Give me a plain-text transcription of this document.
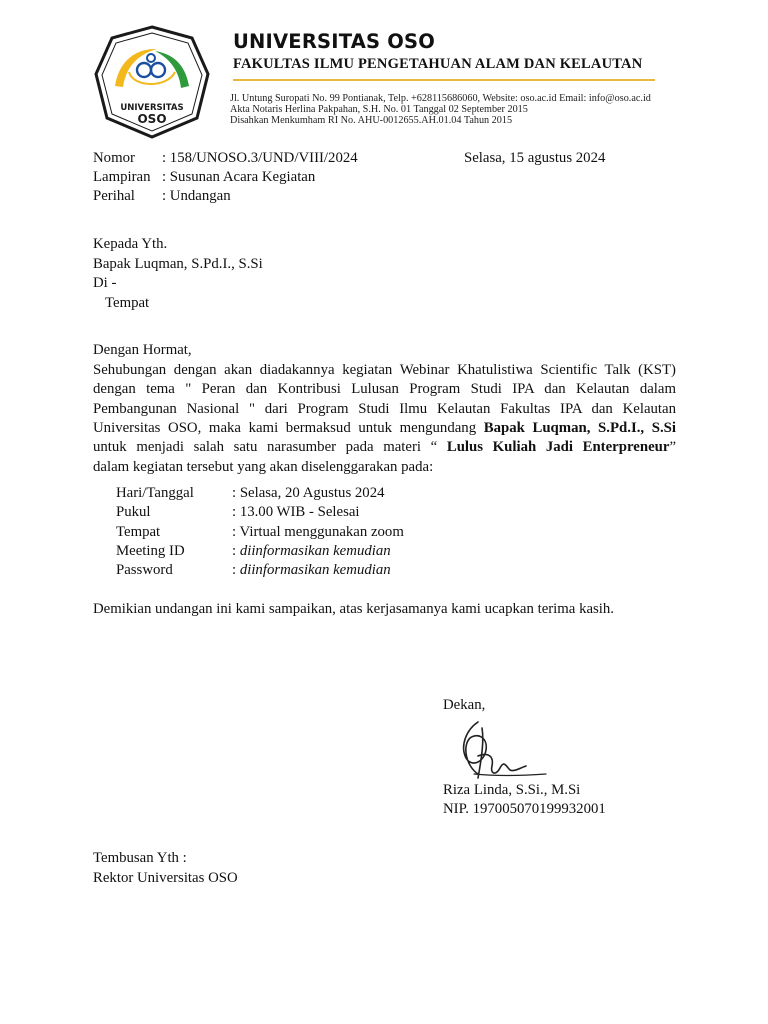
UNIVERSITAS
OSO
UNIVERSITAS OSO
FAKULTAS ILMU PENGETAHUAN ALAM DAN KELAUTAN
Jl. Untung Suropati No. 99 Pontianak, Telp. +628115686060, Website: oso.ac.id Email: info@oso.ac.id
Akta Notaris Herlina Pakpahan, S.H. No. 01 Tanggal 02 September 2015
Disahkan Menkumham RI No. AHU-0012655.AH.01.04 Tahun 2015
Nomor : 158/UNOSO.3/UND/VIII/2024	Selasa, 15 agustus 2024
Lampiran : Susunan Acara Kegiatan
Perihal : Undangan
Kepada Yth.
Bapak Luqman, S.Pd.I., S.Si
Di -
Tempat
Dengan Hormat,
Sehubungan dengan akan diadakannya kegiatan Webinar Khatulistiwa Scientific Talk (KST)
dengan tema " Peran dan Kontribusi Lulusan Program Studi IPA dan Kelautan dalam
Pembangunan Nasional " dari Program Studi Ilmu Kelautan Fakultas IPA dan Kelautan
Universitas OSO, maka kami bermaksud untuk mengundang Bapak Luqman, S.Pd.I., S.Si
untuk menjadi salah satu narasumber pada materi “ Lulus Kuliah Jadi Enterpreneur”
dalam kegiatan tersebut yang akan diselenggarakan pada:
Hari/Tanggal	: Selasa, 20 Agustus 2024
Pukul	: 13.00 WIB - Selesai
Tempat	: Virtual menggunakan zoom
Meeting ID	: diinformasikan kemudian
Password	: diinformasikan kemudian
Demikian undangan ini kami sampaikan, atas kerjasamanya kami ucapkan terima kasih.
Dekan,
Riza Linda, S.Si., M.Si
NIP. 197005070199932001
Tembusan Yth :
Rektor Universitas OSO
